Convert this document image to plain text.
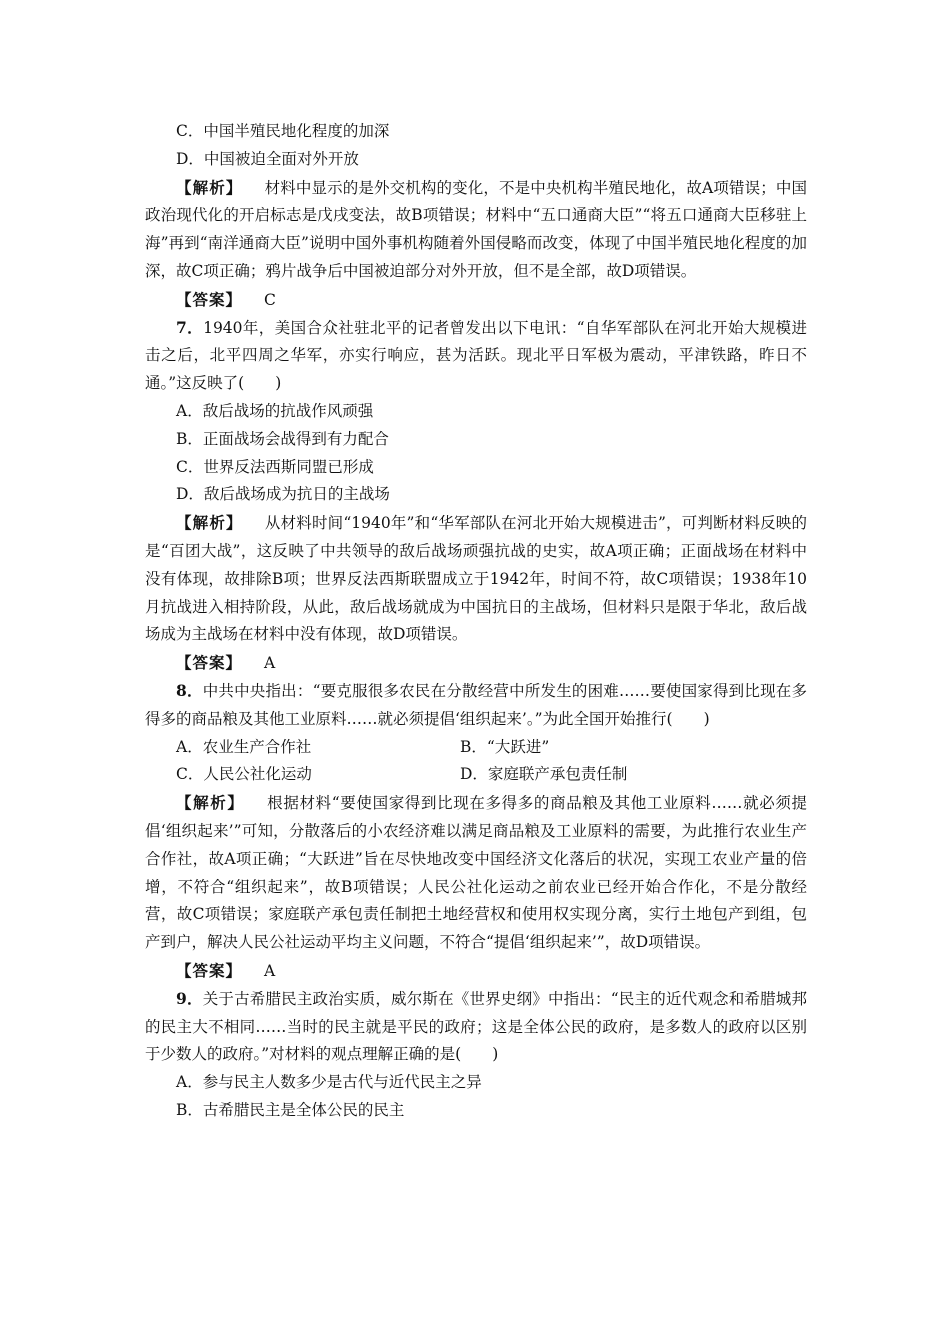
C．中国半殖民地化程度的加深
D．中国被迫全面对外开放
【解析】 材料中显示的是外交机构的变化，不是中央机构半殖民地化，故A项错误；中国政治现代化的开启标志是戊戌变法，故B项错误；材料中“五口通商大臣”“将五口通商大臣移驻上海”再到“南洋通商大臣”说明中国外事机构随着外国侵略而改变，体现了中国半殖民地化程度的加深，故C项正确；鸦片战争后中国被迫部分对外开放，但不是全部，故D项错误。
【答案】 C
7．1940年，美国合众社驻北平的记者曾发出以下电讯：“自华军部队在河北开始大规模进击之后，北平四周之华军，亦实行响应，甚为活跃。现北平日军极为震动，平津铁路，昨日不通。”这反映了(　　)
A．敌后战场的抗战作风顽强
B．正面战场会战得到有力配合
C．世界反法西斯同盟已形成
D．敌后战场成为抗日的主战场
【解析】 从材料时间“1940年”和“华军部队在河北开始大规模进击”，可判断材料反映的是“百团大战”，这反映了中共领导的敌后战场顽强抗战的史实，故A项正确；正面战场在材料中没有体现，故排除B项；世界反法西斯联盟成立于1942年，时间不符，故C项错误；1938年10月抗战进入相持阶段，从此，敌后战场就成为中国抗日的主战场，但材料只是限于华北，敌后战场成为主战场在材料中没有体现，故D项错误。
【答案】 A
8．中共中央指出：“要克服很多农民在分散经营中所发生的困难……要使国家得到比现在多得多的商品粮及其他工业原料……就必须提倡‘组织起来’。”为此全国开始推行(　　)
A．农业生产合作社	B．“大跃进”
C．人民公社化运动	D．家庭联产承包责任制
【解析】 根据材料“要使国家得到比现在多得多的商品粮及其他工业原料……就必须提倡‘组织起来’”可知，分散落后的小农经济难以满足商品粮及工业原料的需要，为此推行农业生产合作社，故A项正确；“大跃进”旨在尽快地改变中国经济文化落后的状况，实现工农业产量的倍增，不符合“组织起来”，故B项错误；人民公社化运动之前农业已经开始合作化，不是分散经营，故C项错误；家庭联产承包责任制把土地经营权和使用权实现分离，实行土地包产到组，包产到户，解决人民公社运动平均主义问题，不符合“提倡‘组织起来’”，故D项错误。
【答案】 A
9．关于古希腊民主政治实质，威尔斯在《世界史纲》中指出：“民主的近代观念和希腊城邦的民主大不相同……当时的民主就是平民的政府；这是全体公民的政府，是多数人的政府以区别于少数人的政府。”对材料的观点理解正确的是(　　)
A．参与民主人数多少是古代与近代民主之异
B．古希腊民主是全体公民的民主
